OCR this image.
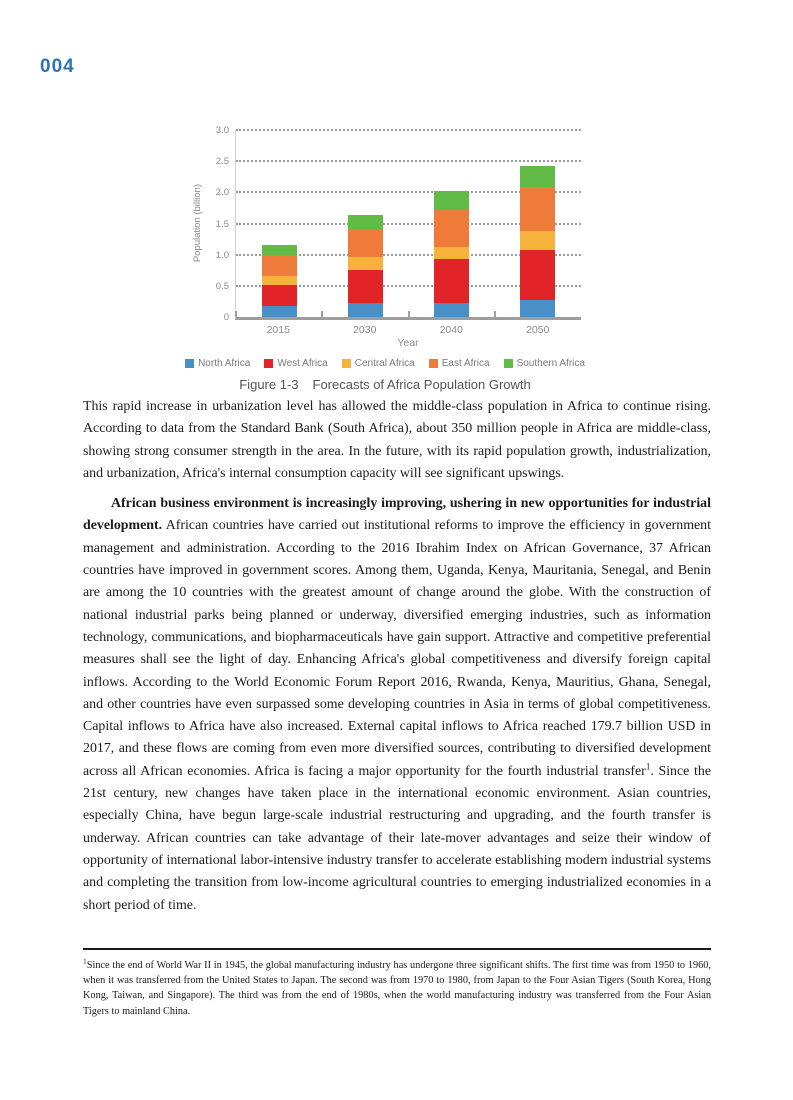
004
Population (billion)
0
0.5
1.0
1.5
2.0
2.5
3.0
2015	2030	2040	2050
Year
North Africa	West Africa	Central Africa	East Africa	Southern Africa
Figure 1-3 Forecasts of Africa Population Growth

This rapid increase in urbanization level has allowed the middle-class population in Africa to continue rising. According to data from the Standard Bank (South Africa), about 350 million people in Africa are middle-class, showing strong consumer strength in the area. In the future, with its rapid population growth, industrialization, and urbanization, Africa's internal consumption capacity will see significant upswings.

African business environment is increasingly improving, ushering in new opportunities for industrial development. African countries have carried out institutional reforms to improve the efficiency in government management and administration. According to the 2016 Ibrahim Index on African Governance, 37 African countries have improved in government scores. Among them, Uganda, Kenya, Mauritania, Senegal, and Benin are among the 10 countries with the greatest amount of change around the globe. With the construction of national industrial parks being planned or underway, diversified emerging industries, such as information technology, communications, and biopharmaceuticals have gain support. Attractive and competitive preferential measures shall see the light of day. Enhancing Africa's global competitiveness and diversify foreign capital inflows. According to the World Economic Forum Report 2016, Rwanda, Kenya, Mauritius, Ghana, Senegal, and other countries have even surpassed some developing countries in Asia in terms of global competitiveness. Capital inflows to Africa have also increased. External capital inflows to Africa reached 179.7 billion USD in 2017, and these flows are coming from even more diversified sources, contributing to diversified development across all African economies. Africa is facing a major opportunity for the fourth industrial transfer$^1$. Since the 21st century, new changes have taken place in the international economic environment. Asian countries, especially China, have begun large-scale industrial restructuring and upgrading, and the fourth transfer is underway. African countries can take advantage of their late-mover advantages and seize their window of opportunity of international labor-intensive industry transfer to accelerate establishing modern industrial systems and completing the transition from low-income agricultural countries to emerging industrialized economies in a short period of time.

$^1$Since the end of World War II in 1945, the global manufacturing industry has undergone three significant shifts. The first time was from 1950 to 1960, when it was transferred from the United States to Japan. The second was from 1970 to 1980, from Japan to the Four Asian Tigers (South Korea, Hong Kong, Taiwan, and Singapore). The third was from the end of 1980s, when the world manufacturing industry was transferred from the Four Asian Tigers to mainland China.
